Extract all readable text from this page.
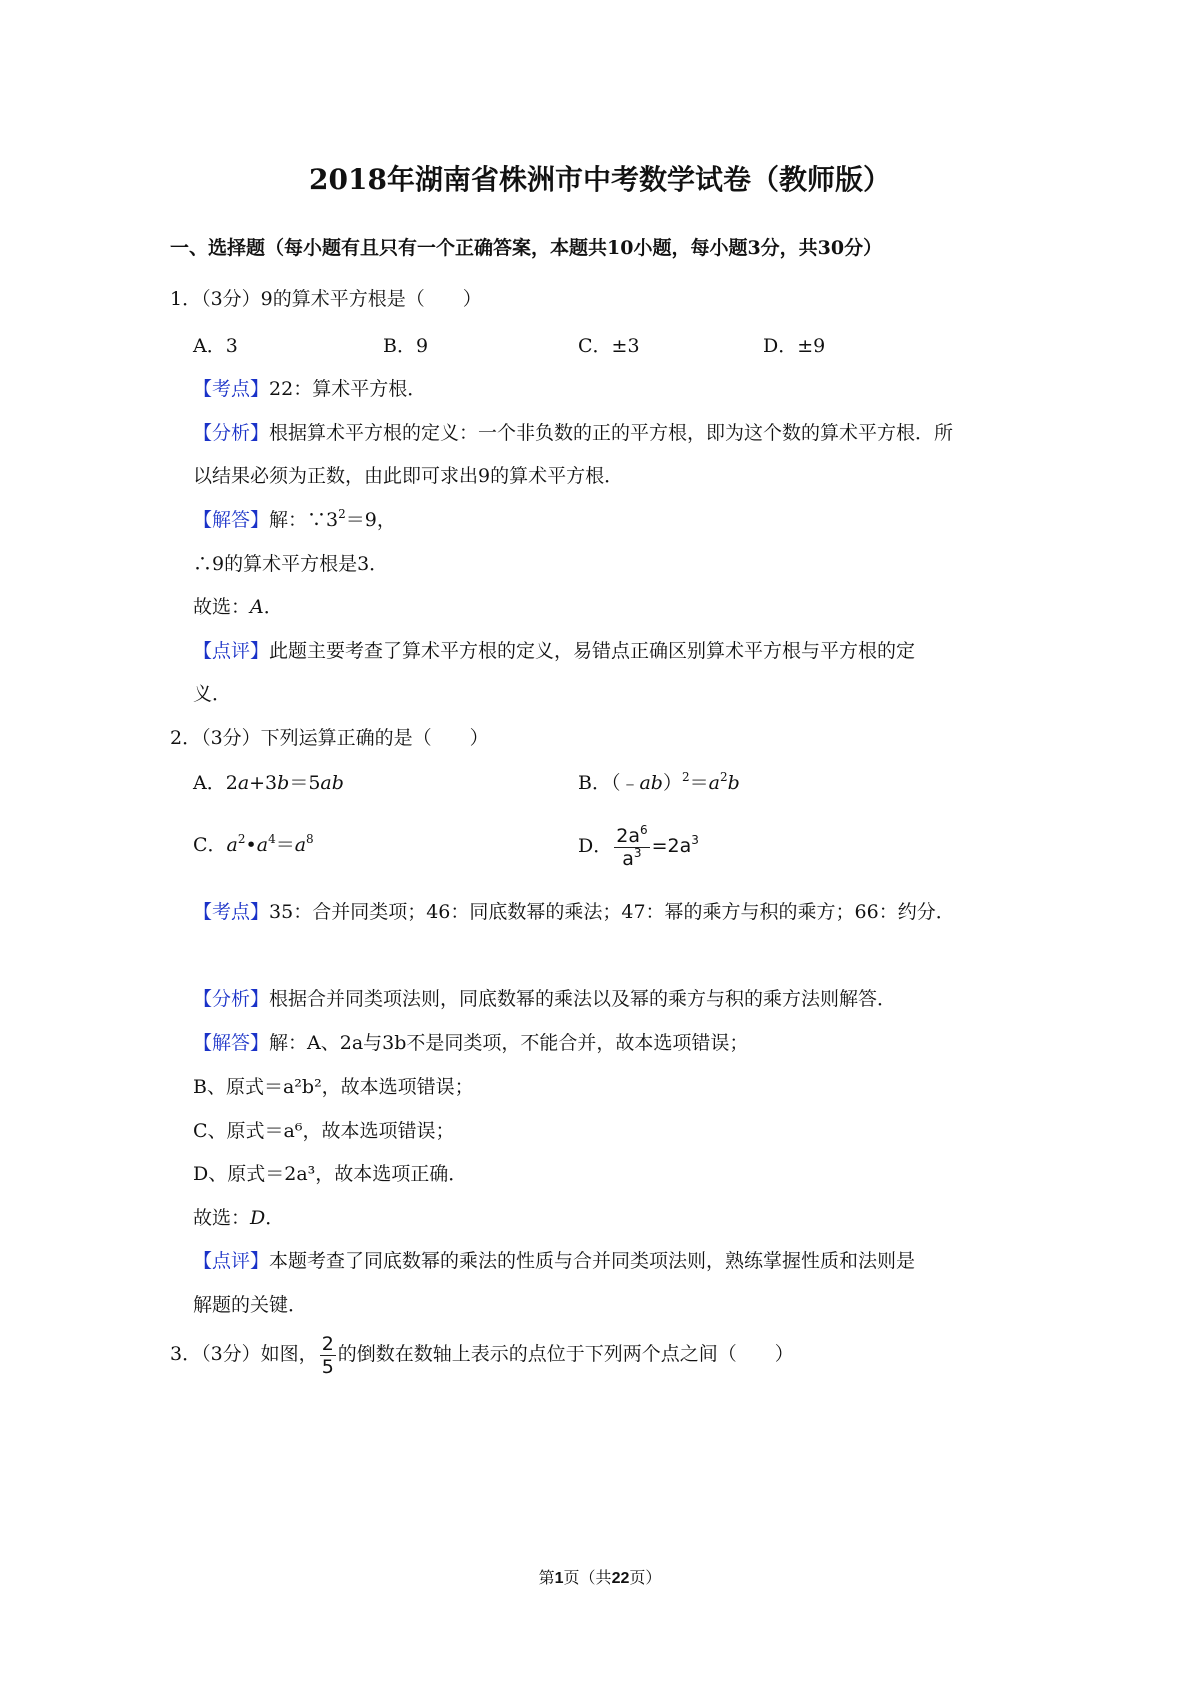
2018年湖南省株洲市中考数学试卷（教师版）
一、选择题（每小题有且只有一个正确答案，本题共10小题，每小题3分，共30分）
1．（3分）9的算术平方根是（　　）
A．3	B．9	C．±3	D．±9
【考点】22：算术平方根．
【分析】根据算术平方根的定义：一个非负数的正的平方根，即为这个数的算术平方根．所
以结果必须为正数，由此即可求出9的算术平方根．
【解答】解：$\because 3^2=9$，
∴9的算术平方根是3．
故选：A．
【点评】此题主要考查了算术平方根的定义，易错点正确区别算术平方根与平方根的定
义．
2．（3分）下列运算正确的是（　　）
A．2a+3b＝5ab	B．$(﹣ab)^2=a^2b$
C．$a^2•a^4=a^8$	D． $\frac{2a^6}{a^3} =2a^3$
【考点】35：合并同类项；46：同底数幂的乘法；47：幂的乘方与积的乘方；66：约分．
【分析】根据合并同类项法则，同底数幂的乘法以及幂的乘方与积的乘方法则解答．
【解答】解：A、2a与3b不是同类项，不能合并，故本选项错误；
B、原式＝a²b²，故本选项错误；
C、原式＝a⁶，故本选项错误；
D、原式＝2a³，故本选项正确．
故选：D．
【点评】本题考查了同底数幂的乘法的性质与合并同类项法则，熟练掌握性质和法则是
解题的关键．
3．（3分）如图， $\frac{2}{5}$ 的倒数在数轴上表示的点位于下列两个点之间（　　）
第1页（共22页）
